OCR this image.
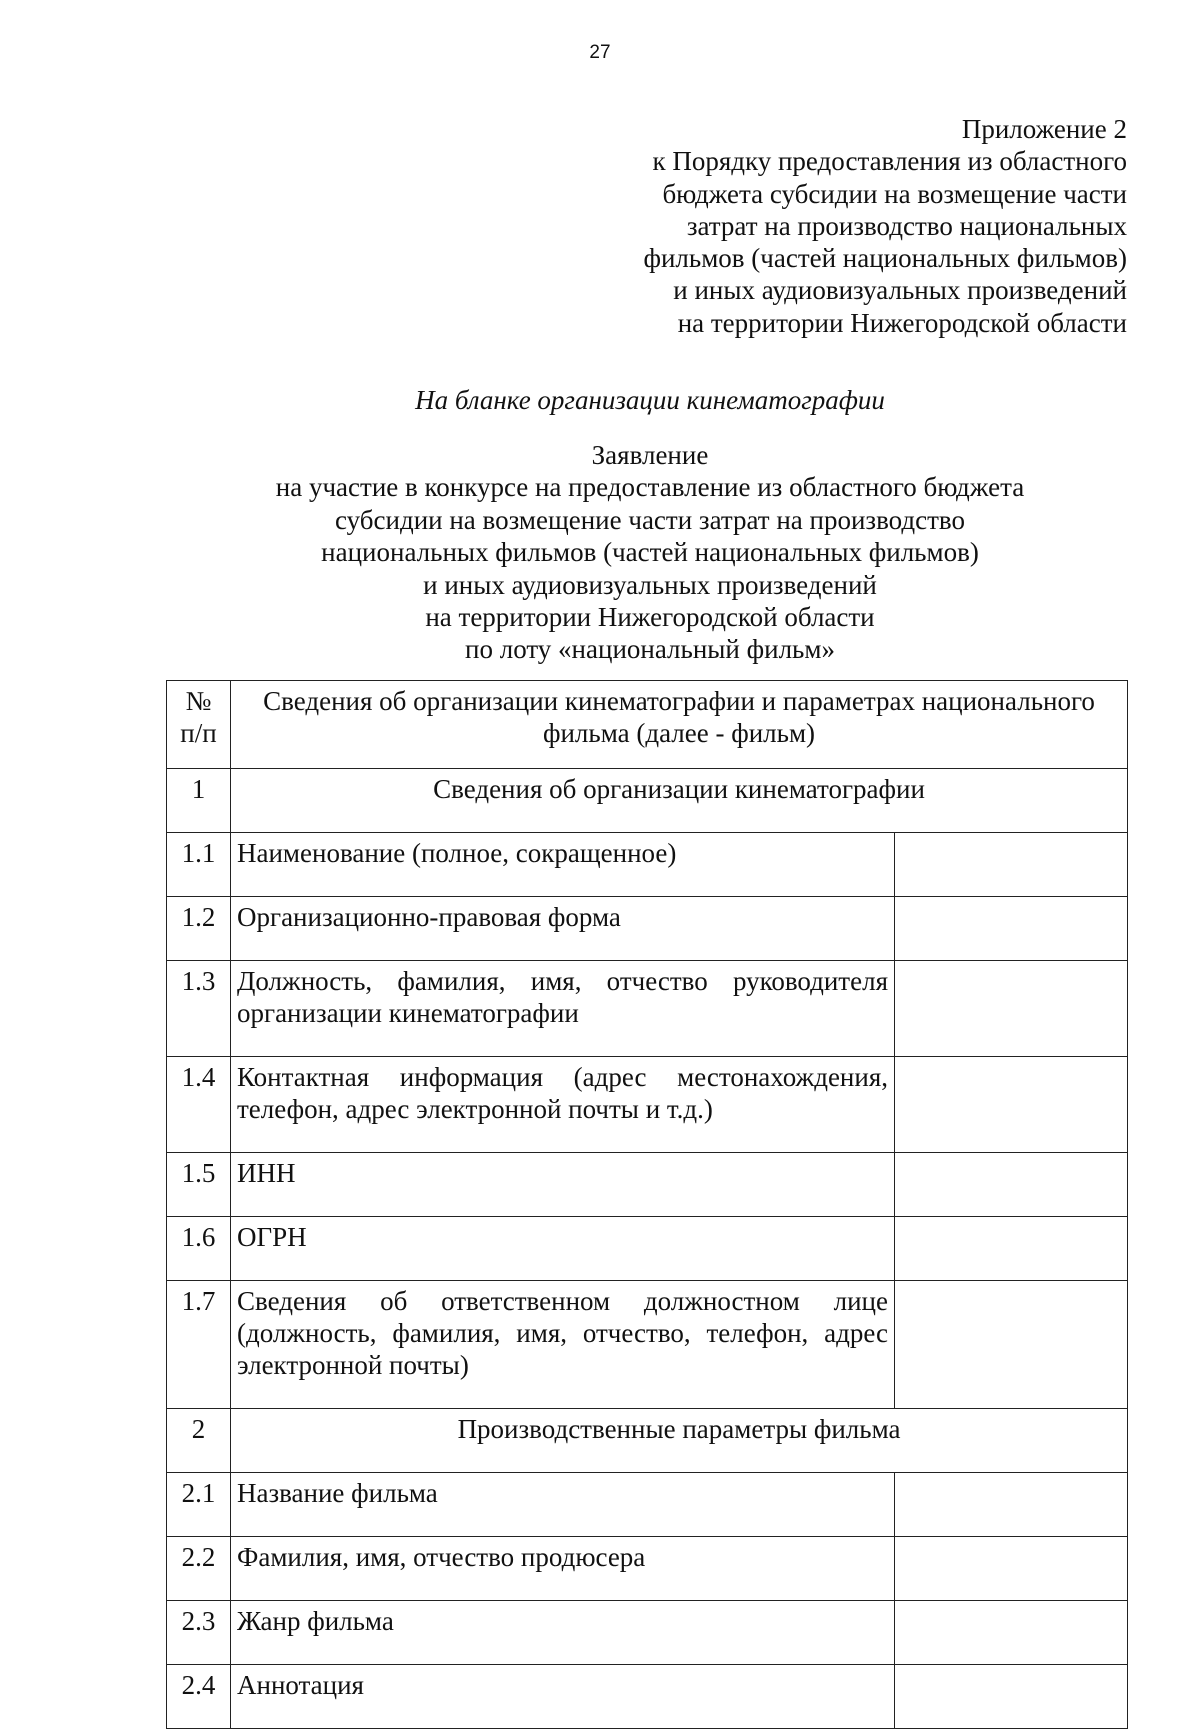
27
Приложение 2
к Порядку предоставления из областного
бюджета субсидии на возмещение части
затрат на производство национальных
фильмов (частей национальных фильмов)
и иных аудиовизуальных произведений
на территории Нижегородской области
На бланке организации кинематографии
Заявление
на участие в конкурсе на предоставление из областного бюджета
субсидии на возмещение части затрат на производство
национальных фильмов (частей национальных фильмов)
и иных аудиовизуальных произведений
на территории Нижегородской области
по лоту «национальный фильм»
№ п/п	Сведения об организации кинематографии и параметрах национального фильма (далее - фильм)	
1	Сведения об организации кинематографии	
1.1	Наименование (полное, сокращенное)	
1.2	Организационно-правовая форма	
1.3	Должность, фамилия, имя, отчество руководителя организации кинематографии	
1.4	Контактная информация (адрес местонахождения, телефон, адрес электронной почты и т.д.)	
1.5	ИНН	
1.6	ОГРН	
1.7	Сведения об ответственном должностном лице (должность, фамилия, имя, отчество, телефон, адрес электронной почты)	
2	Производственные параметры фильма	
2.1	Название фильма	
2.2	Фамилия, имя, отчество продюсера	
2.3	Жанр фильма	
2.4	Аннотация	
